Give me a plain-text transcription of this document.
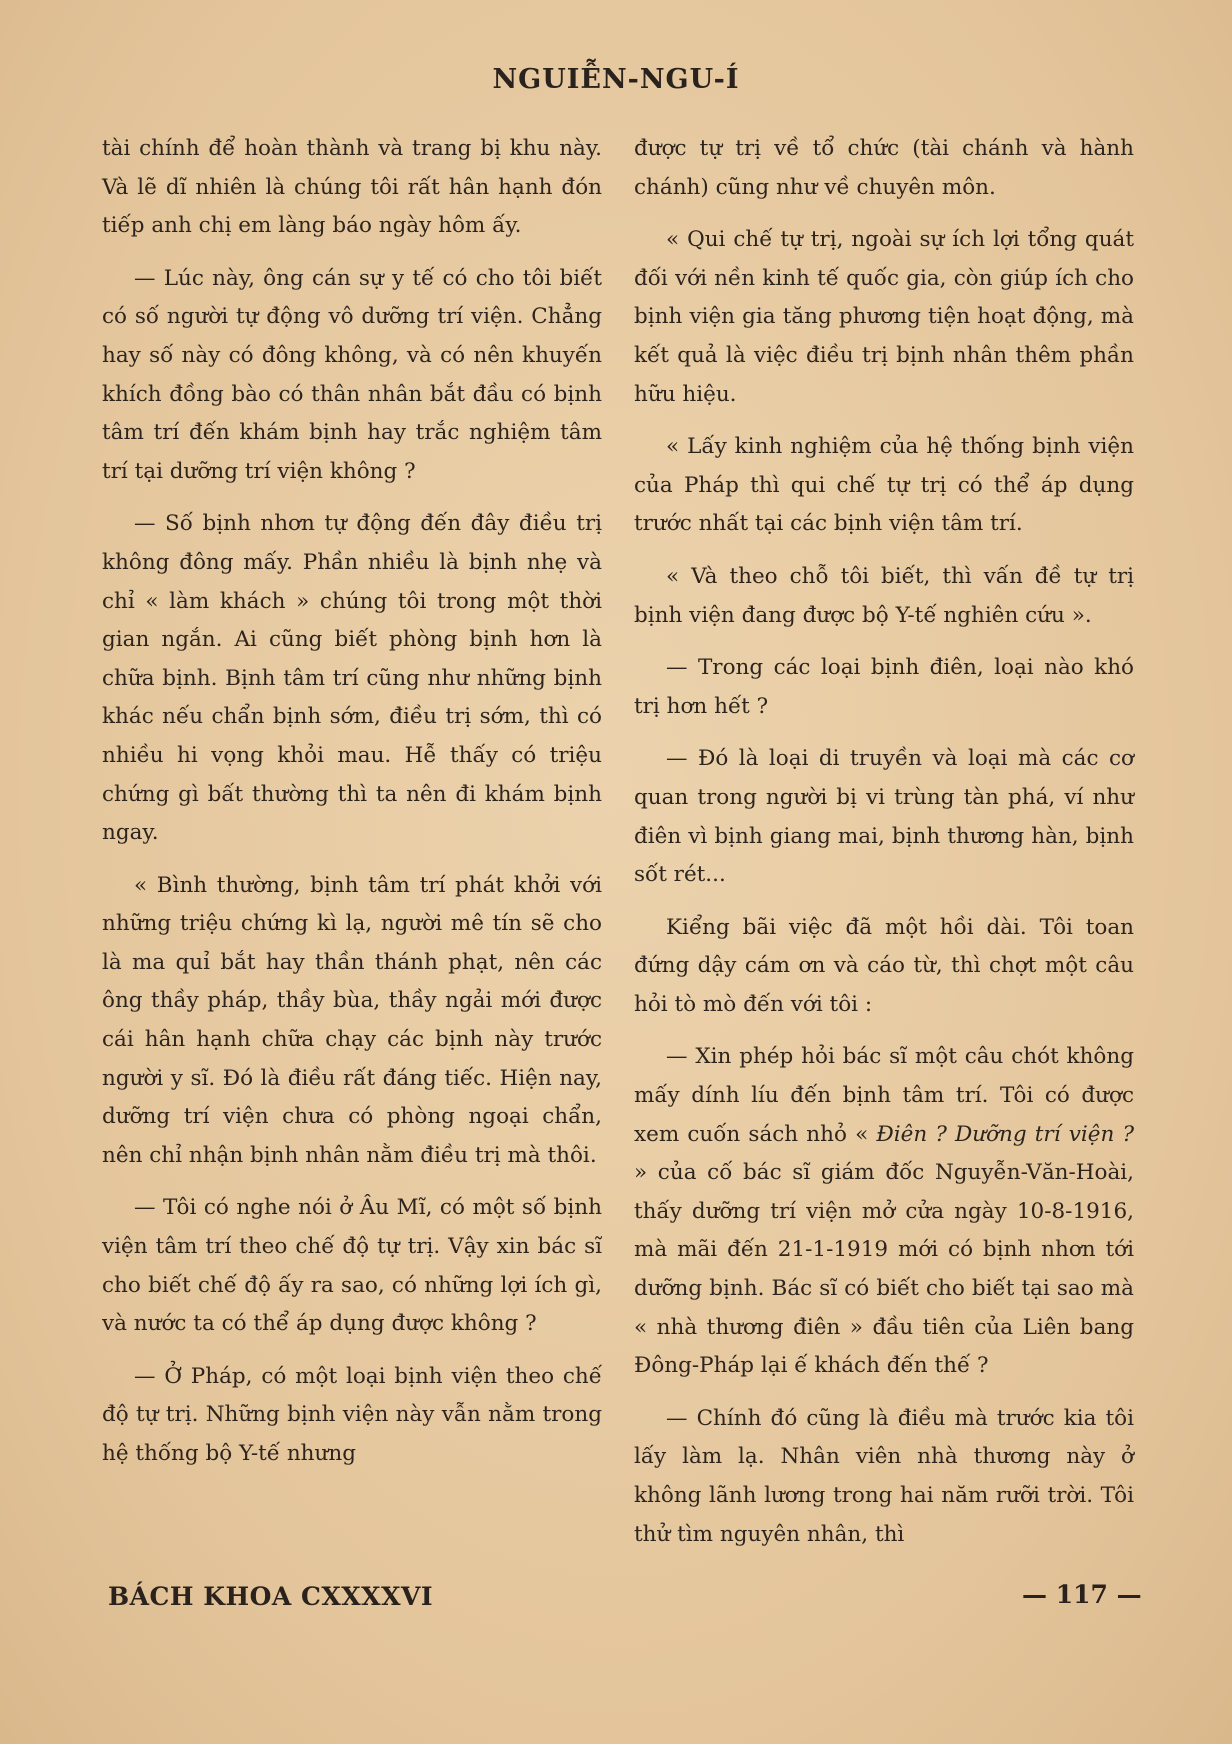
NGUIỄN-NGU-Í

tài chính để hoàn thành và trang bị khu này. Và lẽ dĩ nhiên là chúng tôi rất hân hạnh đón tiếp anh chị em làng báo ngày hôm ấy.

— Lúc này, ông cán sự y tế có cho tôi biết có số người tự động vô dưỡng trí viện. Chẳng hay số này có đông không, và có nên khuyến khích đồng bào có thân nhân bắt đầu có bịnh tâm trí đến khám bịnh hay trắc nghiệm tâm trí tại dưỡng trí viện không ?

— Số bịnh nhơn tự động đến đây điều trị không đông mấy. Phần nhiều là bịnh nhẹ và chỉ « làm khách » chúng tôi trong một thời gian ngắn. Ai cũng biết phòng bịnh hơn là chữa bịnh. Bịnh tâm trí cũng như những bịnh khác nếu chẩn bịnh sớm, điều trị sớm, thì có nhiều hi vọng khỏi mau. Hễ thấy có triệu chứng gì bất thường thì ta nên đi khám bịnh ngay.

« Bình thường, bịnh tâm trí phát khởi với những triệu chứng kì lạ, người mê tín sẽ cho là ma quỉ bắt hay thần thánh phạt, nên các ông thầy pháp, thầy bùa, thầy ngải mới được cái hân hạnh chữa chạy các bịnh này trước người y sĩ. Đó là điều rất đáng tiếc. Hiện nay, dưỡng trí viện chưa có phòng ngoại chẩn, nên chỉ nhận bịnh nhân nằm điều trị mà thôi.

— Tôi có nghe nói ở Âu Mĩ, có một số bịnh viện tâm trí theo chế độ tự trị. Vậy xin bác sĩ cho biết chế độ ấy ra sao, có những lợi ích gì, và nước ta có thể áp dụng được không ?

— Ở Pháp, có một loại bịnh viện theo chế độ tự trị. Những bịnh viện này vẫn nằm trong hệ thống bộ Y-tế nhưng

được tự trị về tổ chức (tài chánh và hành chánh) cũng như về chuyên môn.

« Qui chế tự trị, ngoài sự ích lợi tổng quát đối với nền kinh tế quốc gia, còn giúp ích cho bịnh viện gia tăng phương tiện hoạt động, mà kết quả là việc điều trị bịnh nhân thêm phần hữu hiệu.

« Lấy kinh nghiệm của hệ thống bịnh viện của Pháp thì qui chế tự trị có thể áp dụng trước nhất tại các bịnh viện tâm trí.

« Và theo chỗ tôi biết, thì vấn đề tự trị bịnh viện đang được bộ Y-tế nghiên cứu ».

— Trong các loại bịnh điên, loại nào khó trị hơn hết ?

— Đó là loại di truyền và loại mà các cơ quan trong người bị vi trùng tàn phá, ví như điên vì bịnh giang mai, bịnh thương hàn, bịnh sốt rét...

Kiểng bãi việc đã một hồi dài. Tôi toan đứng dậy cám ơn và cáo từ, thì chợt một câu hỏi tò mò đến với tôi :

— Xin phép hỏi bác sĩ một câu chót không mấy dính líu đến bịnh tâm trí. Tôi có được xem cuốn sách nhỏ « Điên ? Dưỡng trí viện ? » của cố bác sĩ giám đốc Nguyễn-Văn-Hoài, thấy dưỡng trí viện mở cửa ngày 10-8-1916, mà mãi đến 21-1-1919 mới có bịnh nhơn tới dưỡng bịnh. Bác sĩ có biết cho biết tại sao mà « nhà thương điên » đầu tiên của Liên bang Đông-Pháp lại ế khách đến thế ?

— Chính đó cũng là điều mà trước kia tôi lấy làm lạ. Nhân viên nhà thương này ở không lãnh lương trong hai năm rưỡi trời. Tôi thử tìm nguyên nhân, thì

BÁCH KHOA CXXXXVI	— 117 —
